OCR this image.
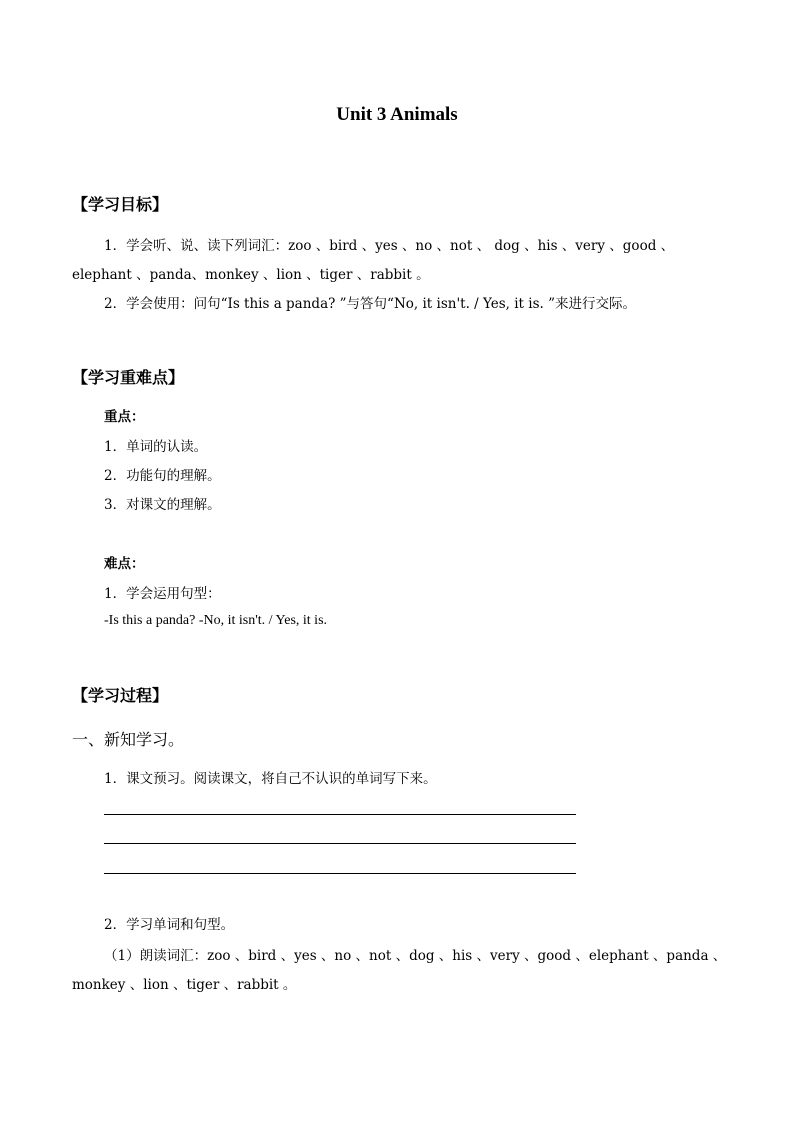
Unit 3 Animals
【学习目标】
1．学会听、说、读下列词汇：zoo 、bird 、yes 、no 、not 、 dog 、his 、very 、good 、
elephant 、panda、monkey 、lion 、tiger 、rabbit 。
2．学会使用：问句“Is this a panda? ”与答句“No, it isn't. / Yes, it is. ”来进行交际。
【学习重难点】
重点：
1．单词的认读。
2．功能句的理解。
3．对课文的理解。
难点：
1．学会运用句型：
-Is this a panda? -No, it isn't. / Yes, it is.
【学习过程】
一、新知学习。
1．课文预习。阅读课文，将自己不认识的单词写下来。
2．学习单词和句型。
（1）朗读词汇：zoo 、bird 、yes 、no 、not 、dog 、his 、very 、good 、elephant 、panda 、
monkey 、lion 、tiger 、rabbit 。
